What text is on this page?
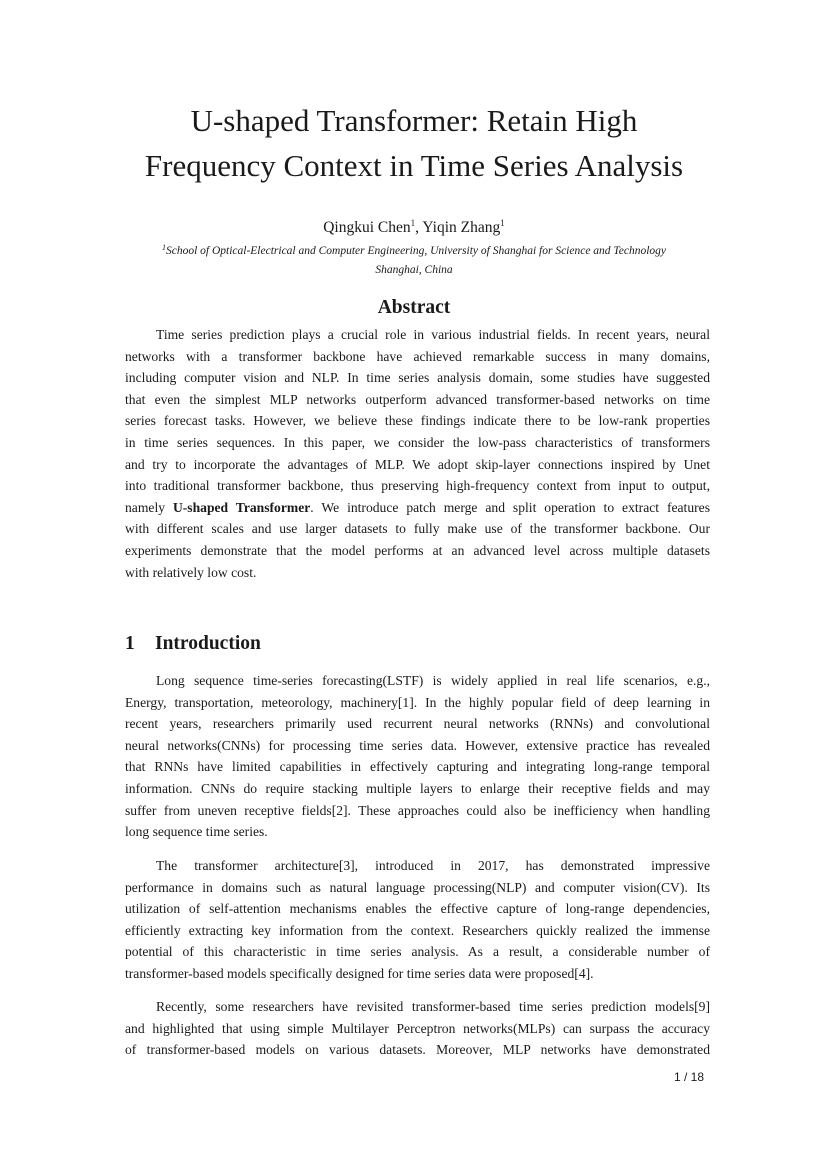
U-shaped Transformer: Retain High
Frequency Context in Time Series Analysis
Qingkui Chen$^1$, Yiqin Zhang$^1$
$^1$School of Optical-Electrical and Computer Engineering, University of Shanghai for Science and Technology
Shanghai, China
Abstract
Time series prediction plays a crucial role in various industrial fields. In recent years, neural
networks with a transformer backbone have achieved remarkable success in many domains,
including computer vision and NLP. In time series analysis domain, some studies have suggested
that even the simplest MLP networks outperform advanced transformer-based networks on time
series forecast tasks. However, we believe these findings indicate there to be low-rank properties
in time series sequences. In this paper, we consider the low-pass characteristics of transformers
and try to incorporate the advantages of MLP. We adopt skip-layer connections inspired by Unet
into traditional transformer backbone, thus preserving high-frequency context from input to output,
namely U-shaped Transformer. We introduce patch merge and split operation to extract features
with different scales and use larger datasets to fully make use of the transformer backbone. Our
experiments demonstrate that the model performs at an advanced level across multiple datasets
with relatively low cost.
1 Introduction
Long sequence time-series forecasting(LSTF) is widely applied in real life scenarios, e.g.,
Energy, transportation, meteorology, machinery[1]. In the highly popular field of deep learning in
recent years, researchers primarily used recurrent neural networks (RNNs) and convolutional
neural networks(CNNs) for processing time series data. However, extensive practice has revealed
that RNNs have limited capabilities in effectively capturing and integrating long-range temporal
information. CNNs do require stacking multiple layers to enlarge their receptive fields and may
suffer from uneven receptive fields[2]. These approaches could also be inefficiency when handling
long sequence time series.
The transformer architecture[3], introduced in 2017, has demonstrated impressive
performance in domains such as natural language processing(NLP) and computer vision(CV). Its
utilization of self-attention mechanisms enables the effective capture of long-range dependencies,
efficiently extracting key information from the context. Researchers quickly realized the immense
potential of this characteristic in time series analysis. As a result, a considerable number of
transformer-based models specifically designed for time series data were proposed[4].
Recently, some researchers have revisited transformer-based time series prediction models[9]
and highlighted that using simple Multilayer Perceptron networks(MLPs) can surpass the accuracy
of transformer-based models on various datasets. Moreover, MLP networks have demonstrated
1 / 18
